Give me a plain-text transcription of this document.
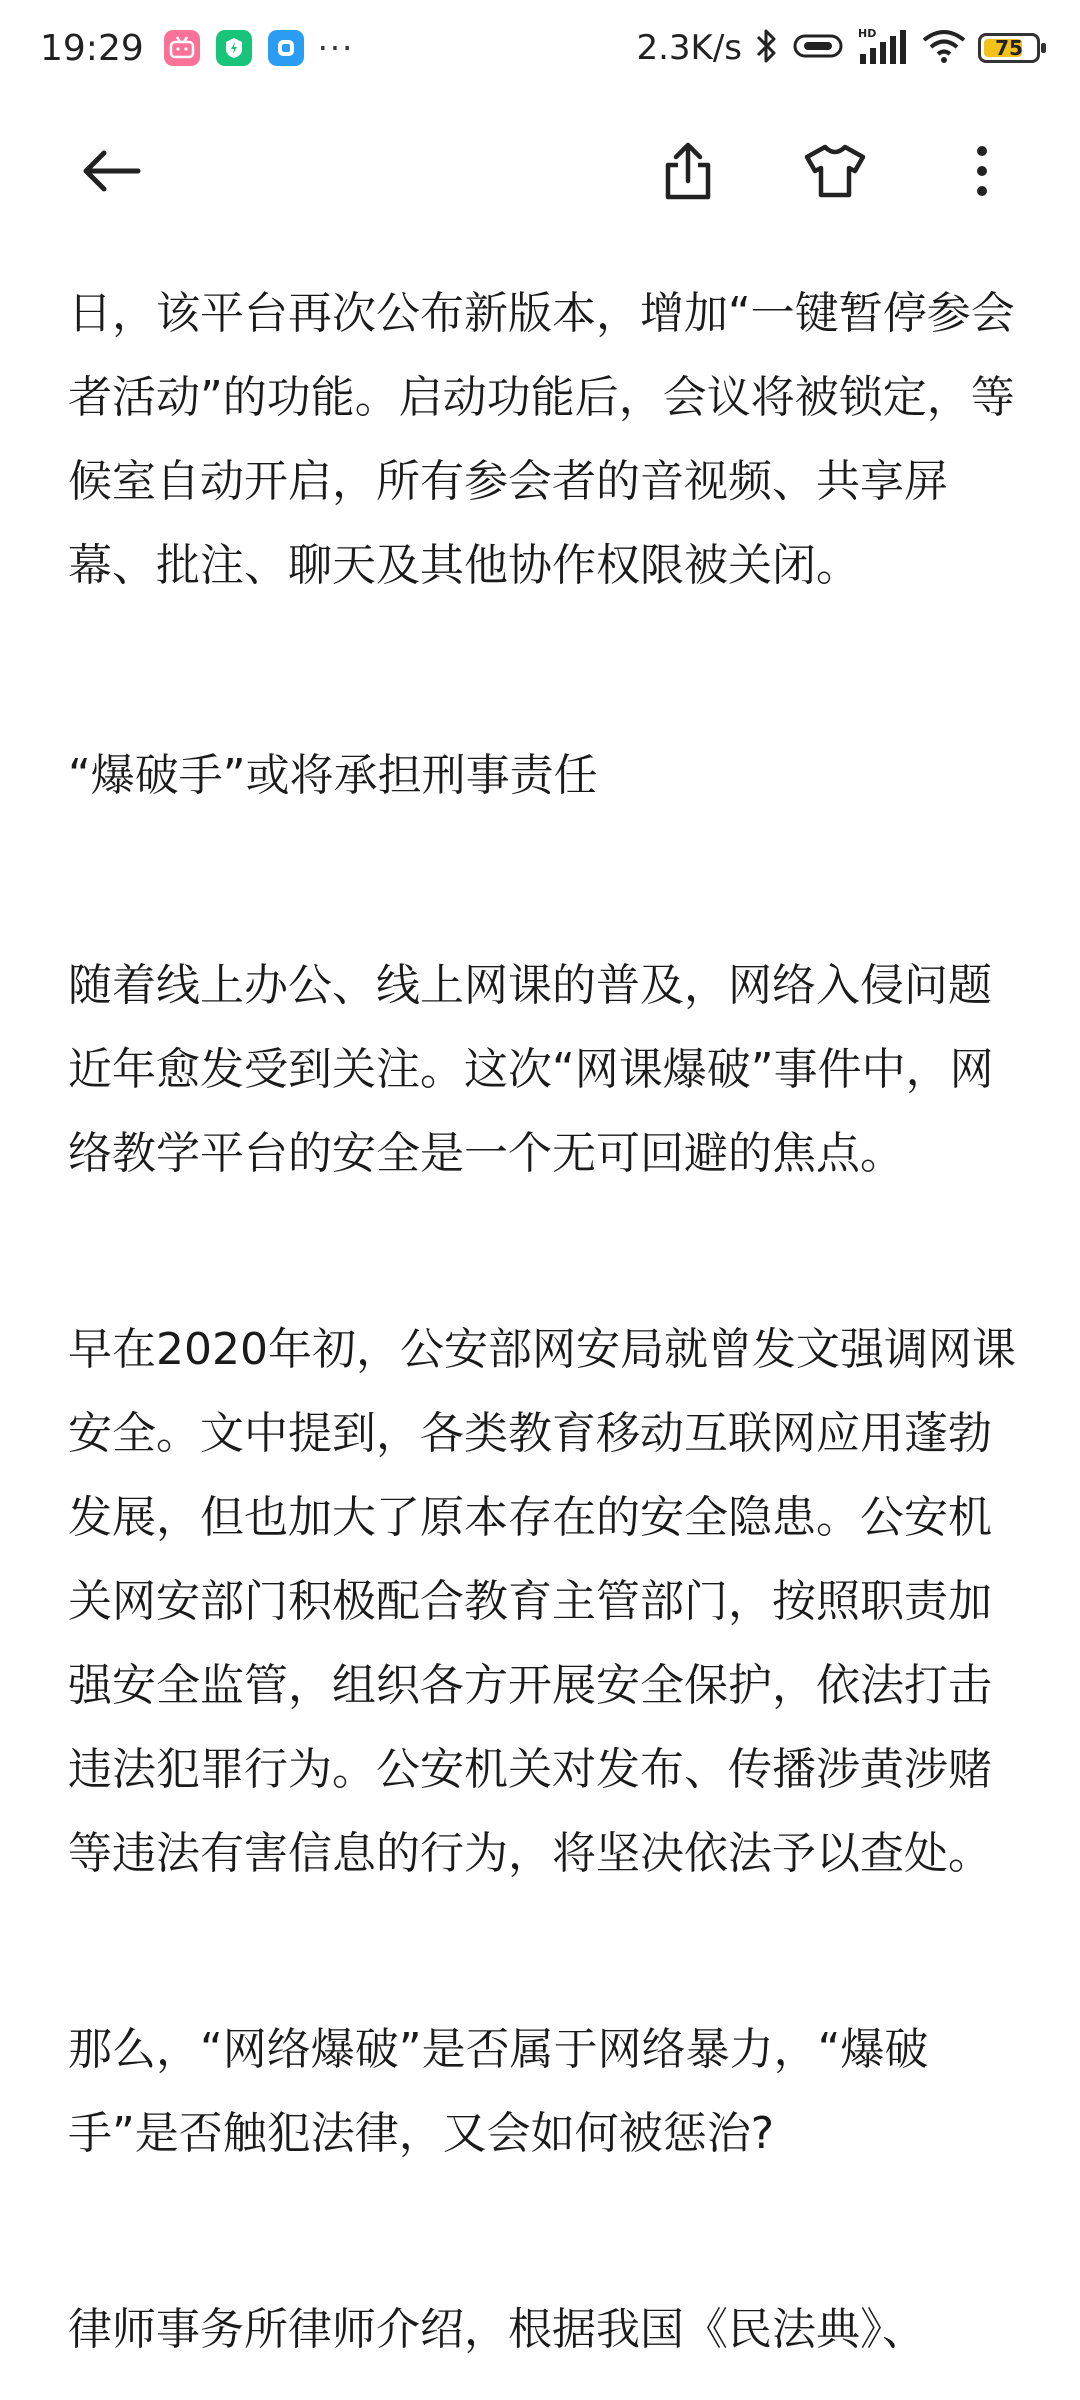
19:29	···	2.3K/s	HD
75

日，该平台再次公布新版本，增加“一键暂停参会者活动”的功能。启动功能后，会议将被锁定，等候室自动开启，所有参会者的音视频、共享屏幕、批注、聊天及其他协作权限被关闭。

“爆破手”或将承担刑事责任

随着线上办公、线上网课的普及，网络入侵问题近年愈发受到关注。这次“网课爆破”事件中，网络教学平台的安全是一个无可回避的焦点。

早在2020年初，公安部网安局就曾发文强调网课安全。文中提到，各类教育移动互联网应用蓬勃发展，但也加大了原本存在的安全隐患。公安机关网安部门积极配合教育主管部门，按照职责加强安全监管，组织各方开展安全保护，依法打击违法犯罪行为。公安机关对发布、传播涉黄涉赌等违法有害信息的行为，将坚决依法予以查处。

那么，“网络爆破”是否属于网络暴力，“爆破手”是否触犯法律，又会如何被惩治?

律师事务所律师介绍，根据我国《民法典》、
